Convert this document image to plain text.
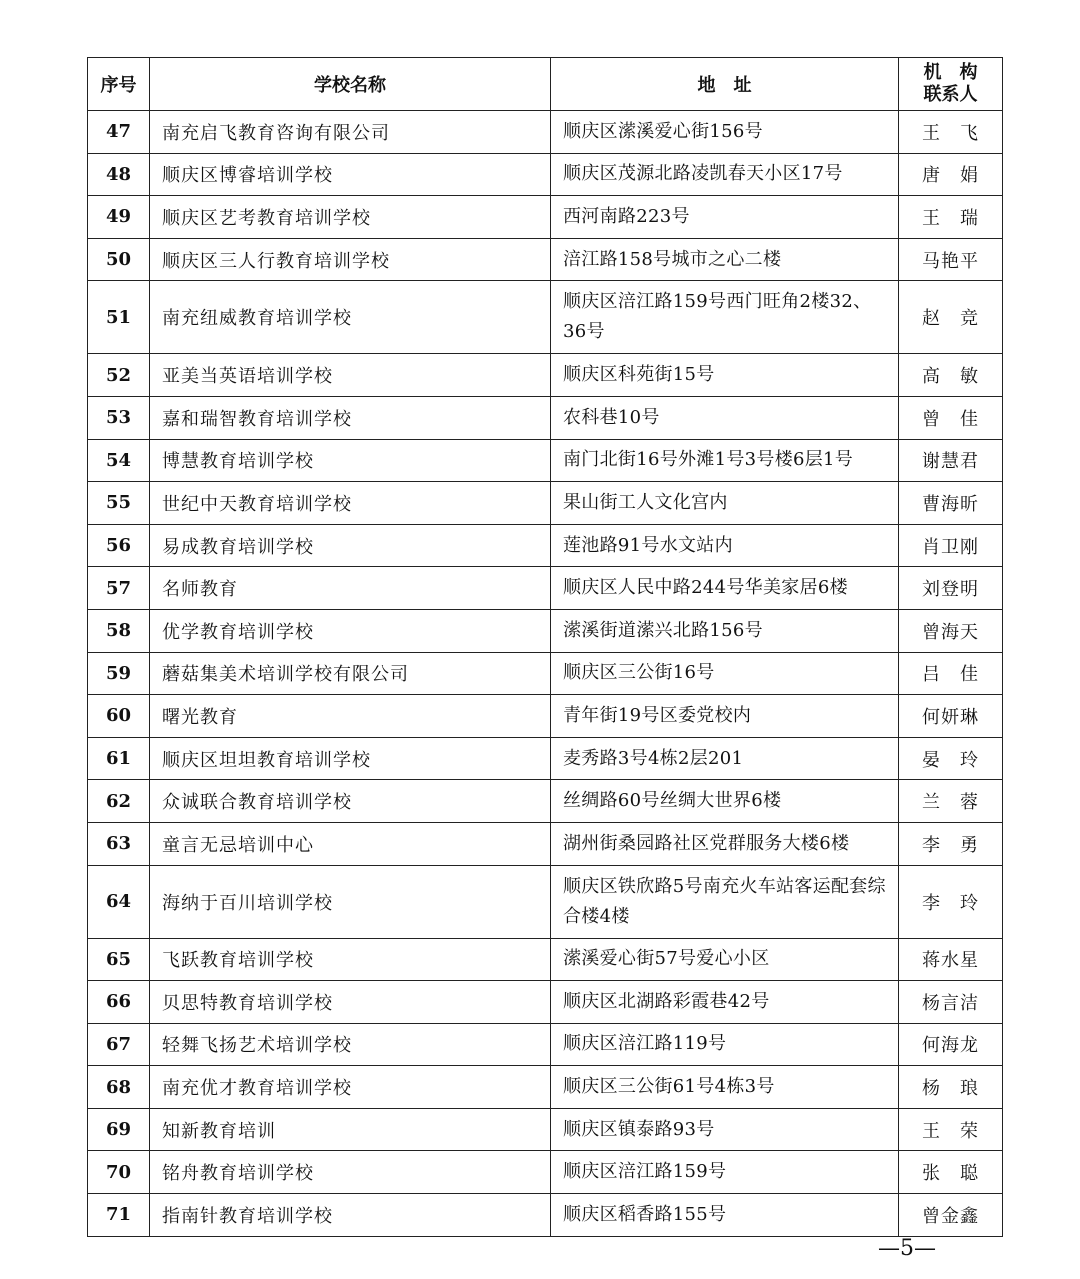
序号	学校名称	地　址	机　构
联系人

47	南充启飞教育咨询有限公司	顺庆区潆溪爱心街156号	王　飞
48	顺庆区博睿培训学校	顺庆区茂源北路凌凯春天小区17号	唐　娟
49	顺庆区艺考教育培训学校	西河南路223号	王　瑞
50	顺庆区三人行教育培训学校	涪江路158号城市之心二楼	马艳平
51	南充纽威教育培训学校	顺庆区涪江路159号西门旺角2楼32、36号	赵　竞
52	亚美当英语培训学校	顺庆区科苑街15号	高　敏
53	嘉和瑞智教育培训学校	农科巷10号	曾　佳
54	博慧教育培训学校	南门北街16号外滩1号3号楼6层1号	谢慧君
55	世纪中天教育培训学校	果山街工人文化宫内	曹海昕
56	易成教育培训学校	莲池路91号水文站内	肖卫刚
57	名师教育	顺庆区人民中路244号华美家居6楼	刘登明
58	优学教育培训学校	潆溪街道潆兴北路156号	曾海天
59	蘑菇集美术培训学校有限公司	顺庆区三公街16号	吕　佳
60	曙光教育	青年街19号区委党校内	何妍琳
61	顺庆区坦坦教育培训学校	麦秀路3号4栋2层201	晏　玲
62	众诚联合教育培训学校	丝绸路60号丝绸大世界6楼	兰　蓉
63	童言无忌培训中心	湖州街桑园路社区党群服务大楼6楼	李　勇
64	海纳于百川培训学校	顺庆区铁欣路5号南充火车站客运配套综合楼4楼	李　玲
65	飞跃教育培训学校	潆溪爱心街57号爱心小区	蒋水星
66	贝思特教育培训学校	顺庆区北湖路彩霞巷42号	杨言洁
67	轻舞飞扬艺术培训学校	顺庆区涪江路119号	何海龙
68	南充优才教育培训学校	顺庆区三公街61号4栋3号	杨　琅
69	知新教育培训	顺庆区镇泰路93号	王　荣
70	铭舟教育培训学校	顺庆区涪江路159号	张　聪
71	指南针教育培训学校	顺庆区稻香路155号	曾金鑫
—5—
